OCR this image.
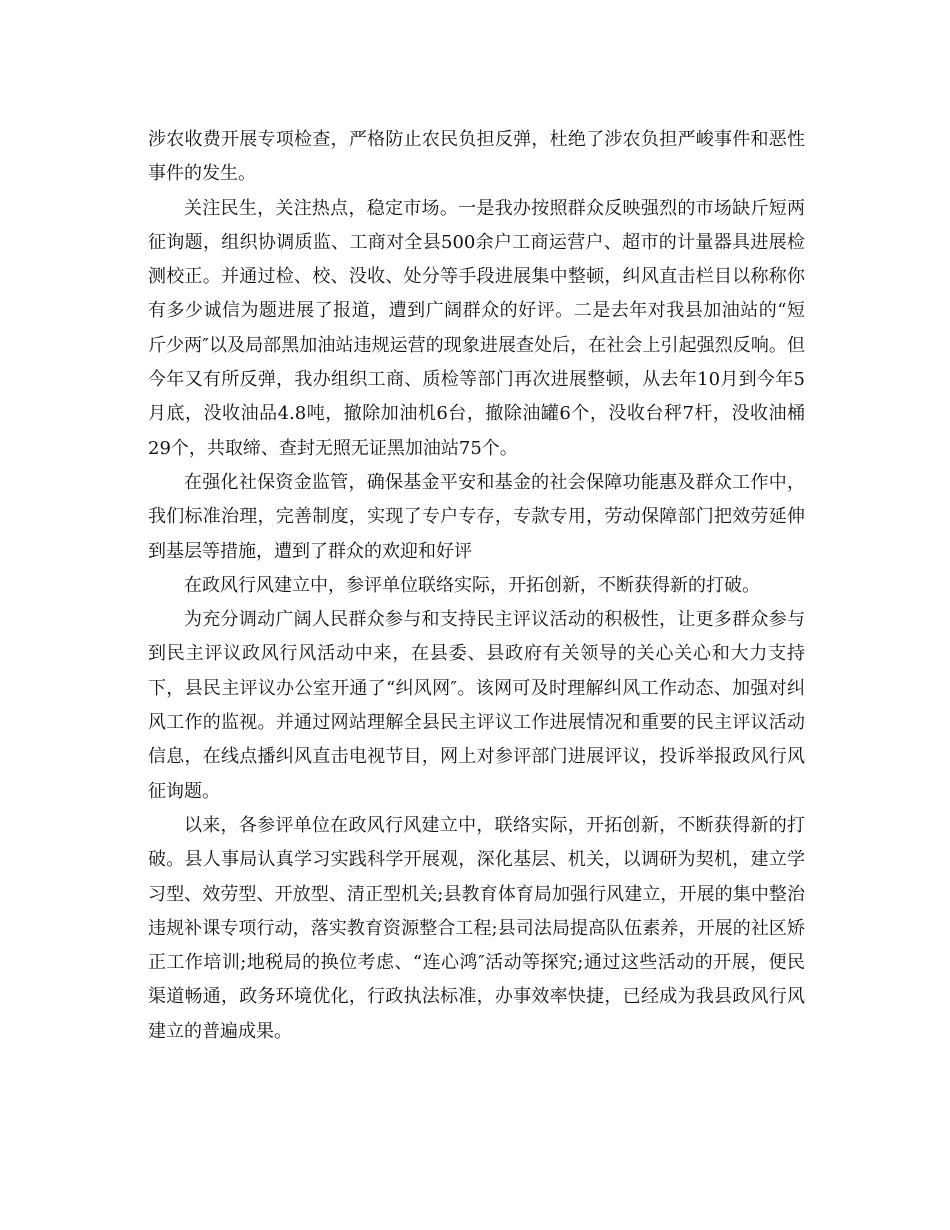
涉农收费开展专项检查，严格防止农民负担反弹，杜绝了涉农负担严峻事件和恶性事件的发生。

关注民生，关注热点，稳定市场。一是我办按照群众反映强烈的市场缺斤短两征询题，组织协调质监、工商对全县500余户工商运营户、超市的计量器具进展检测校正。并通过检、校、没收、处分等手段进展集中整顿，纠风直击栏目以称称你有多少诚信为题进展了报道，遭到广阔群众的好评。二是去年对我县加油站的“短斤少两″以及局部黑加油站违规运营的现象进展查处后，在社会上引起强烈反响。但今年又有所反弹，我办组织工商、质检等部门再次进展整顿，从去年10月到今年5月底，没收油品4.8吨，撤除加油机6台，撤除油罐6个，没收台秤7杆，没收油桶29个，共取缔、查封无照无证黑加油站75个。

在强化社保资金监管，确保基金平安和基金的社会保障功能惠及群众工作中，我们标准治理，完善制度，实现了专户专存，专款专用，劳动保障部门把效劳延伸到基层等措施，遭到了群众的欢迎和好评

在政风行风建立中，参评单位联络实际，开拓创新，不断获得新的打破。

为充分调动广阔人民群众参与和支持民主评议活动的积极性，让更多群众参与到民主评议政风行风活动中来，在县委、县政府有关领导的关心关心和大力支持下，县民主评议办公室开通了“纠风网″。该网可及时理解纠风工作动态、加强对纠风工作的监视。并通过网站理解全县民主评议工作进展情况和重要的民主评议活动信息，在线点播纠风直击电视节目，网上对参评部门进展评议，投诉举报政风行风征询题。

以来，各参评单位在政风行风建立中，联络实际，开拓创新，不断获得新的打破。县人事局认真学习实践科学开展观，深化基层、机关，以调研为契机，建立学习型、效劳型、开放型、清正型机关;县教育体育局加强行风建立，开展的集中整治违规补课专项行动，落实教育资源整合工程;县司法局提高队伍素养，开展的社区矫正工作培训;地税局的换位考虑、“连心鸿″活动等探究;通过这些活动的开展，便民渠道畅通，政务环境优化，行政执法标准，办事效率快捷，已经成为我县政风行风建立的普遍成果。
